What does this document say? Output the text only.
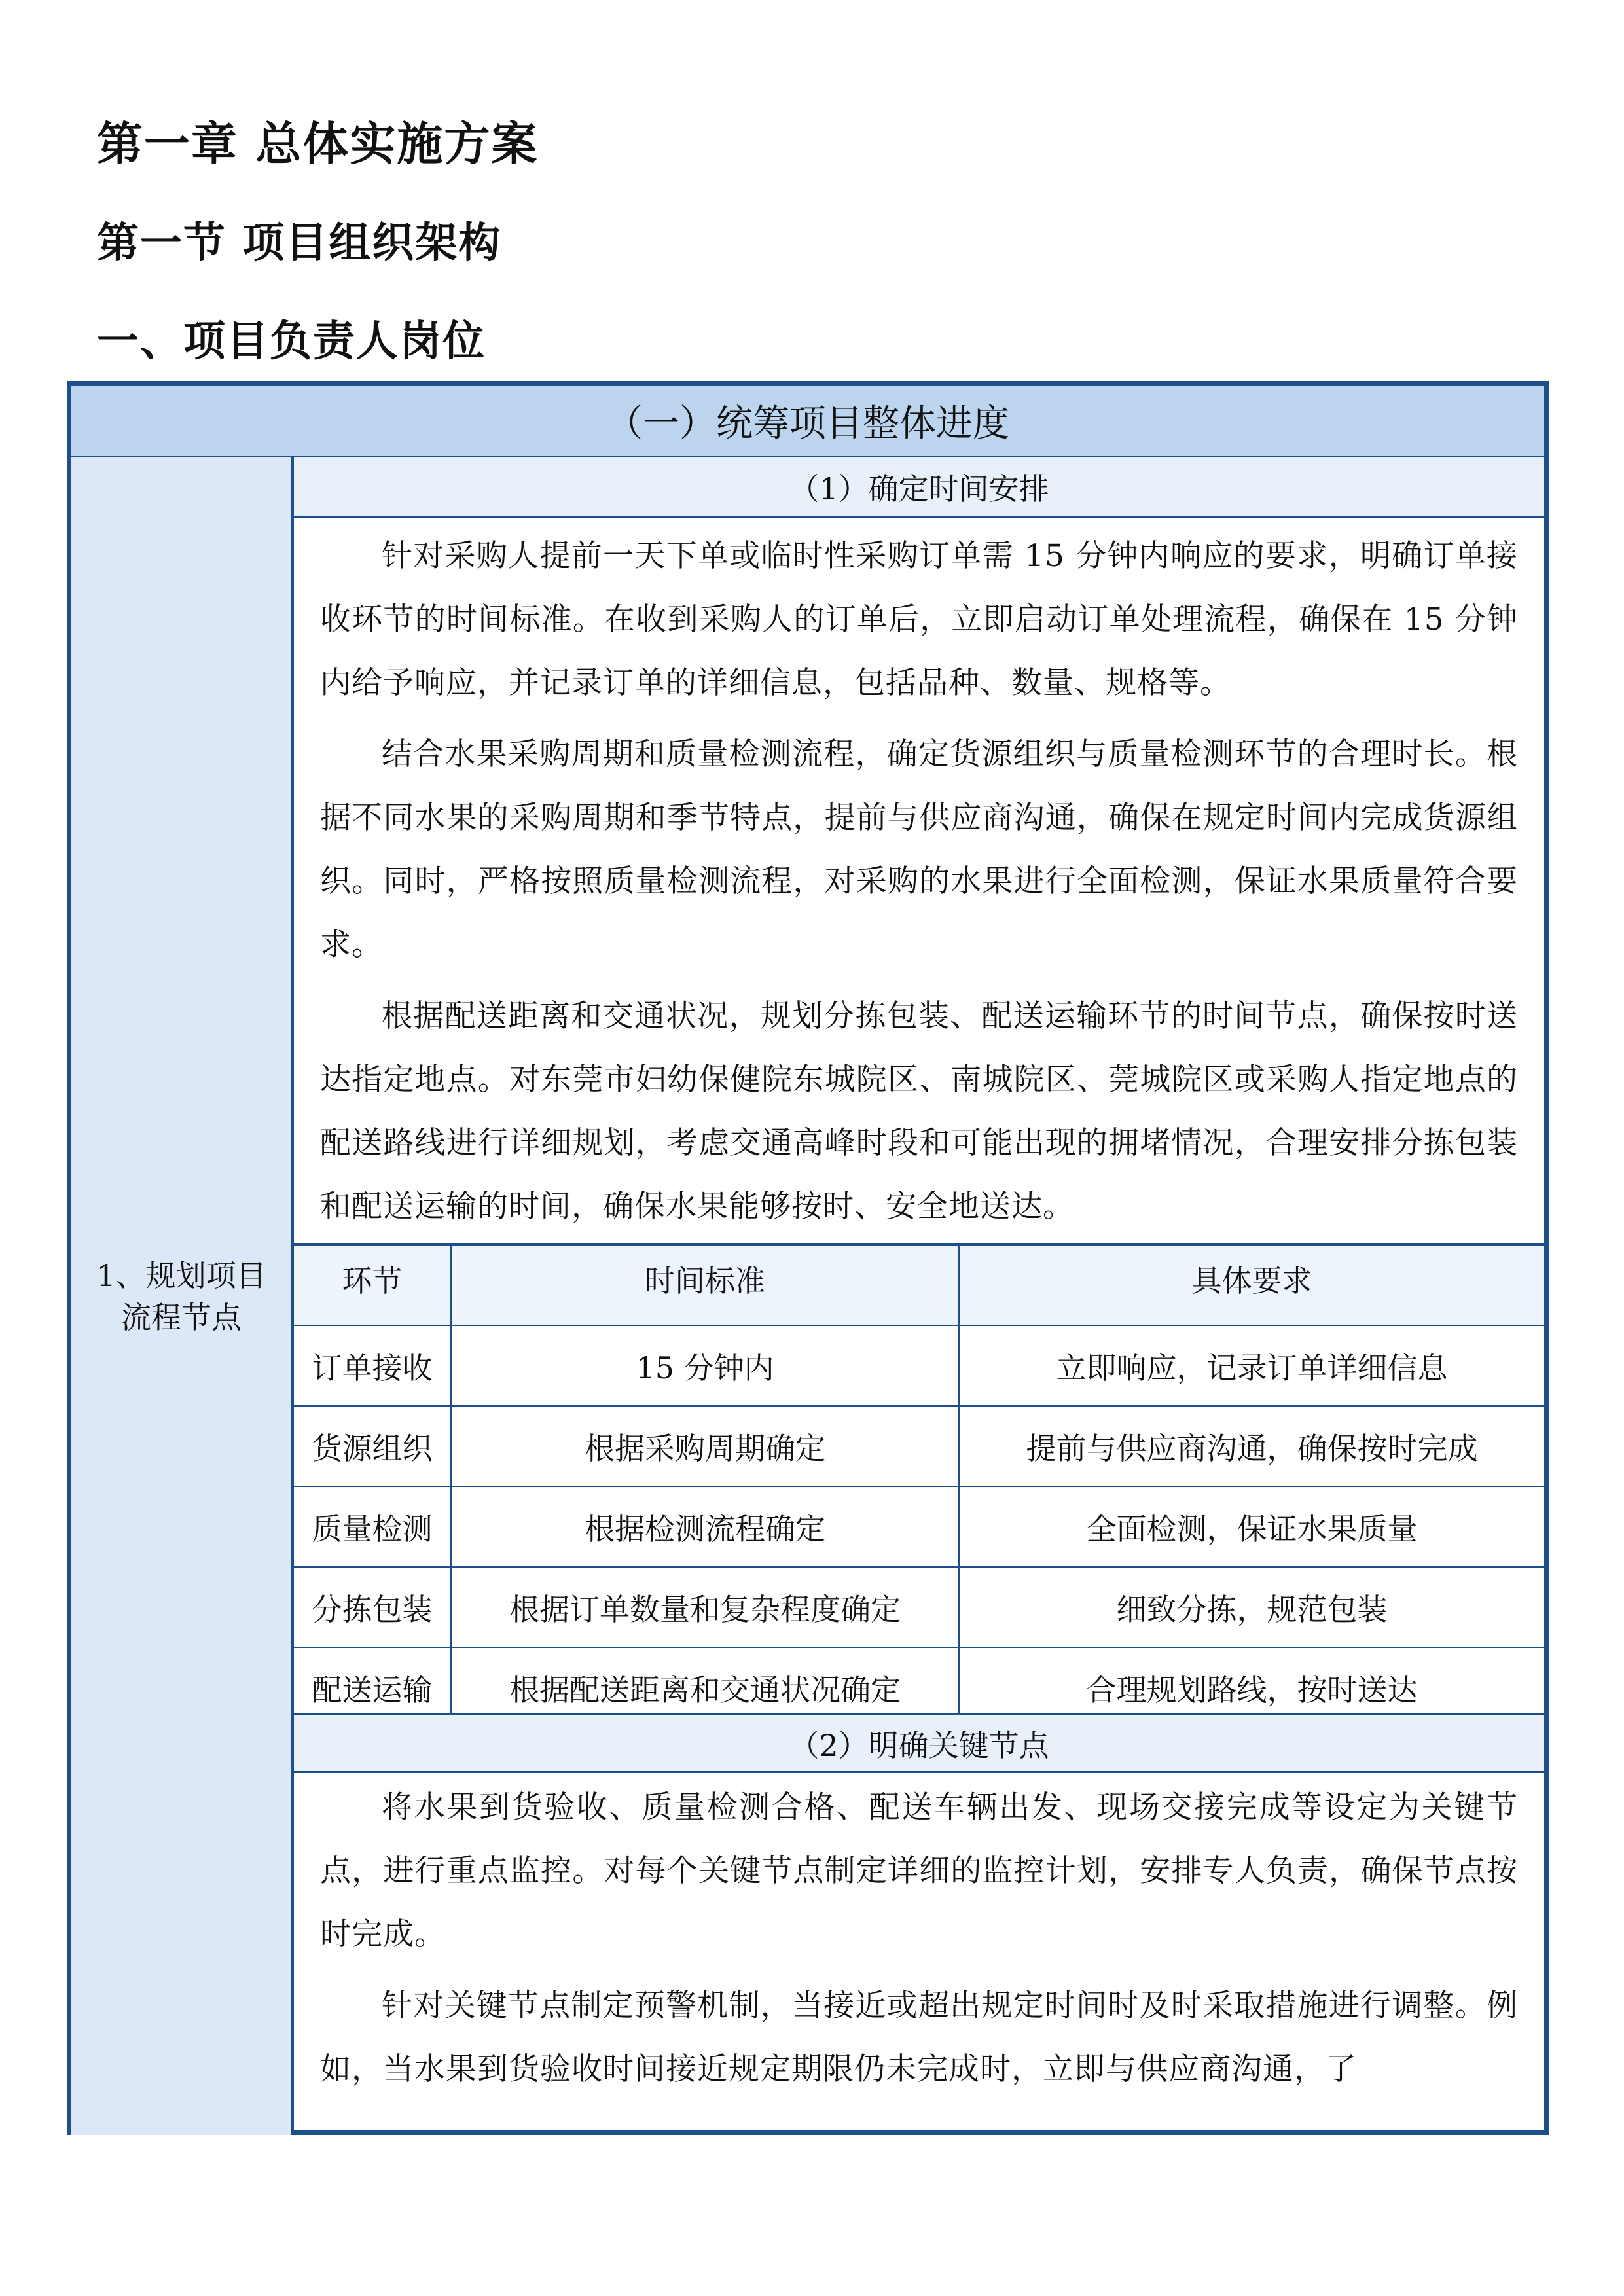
第一章 总体实施方案
第一节 项目组织架构
一、项目负责人岗位
（一）统筹项目整体进度
1、规划项目流程节点
（1）确定时间安排

针对采购人提前一天下单或临时性采购订单需 15 分钟内响应的要求，明确订单接收环节的时间标准。在收到采购人的订单后，立即启动订单处理流程，确保在 15 分钟内给予响应，并记录订单的详细信息，包括品种、数量、规格等。

结合水果采购周期和质量检测流程，确定货源组织与质量检测环节的合理时长。根据不同水果的采购周期和季节特点，提前与供应商沟通，确保在规定时间内完成货源组织。同时，严格按照质量检测流程，对采购的水果进行全面检测，保证水果质量符合要求。

根据配送距离和交通状况，规划分拣包装、配送运输环节的时间节点，确保按时送达指定地点。对东莞市妇幼保健院东城院区、南城院区、莞城院区或采购人指定地点的配送路线进行详细规划，考虑交通高峰时段和可能出现的拥堵情况，合理安排分拣包装和配送运输的时间，确保水果能够按时、安全地送达。

环节	时间标准	具体要求
订单接收	15 分钟内	立即响应，记录订单详细信息
货源组织	根据采购周期确定	提前与供应商沟通，确保按时完成
质量检测	根据检测流程确定	全面检测，保证水果质量
分拣包装	根据订单数量和复杂程度确定	细致分拣，规范包装
配送运输	根据配送距离和交通状况确定	合理规划路线，按时送达
（2）明确关键节点

将水果到货验收、质量检测合格、配送车辆出发、现场交接完成等设定为关键节点，进行重点监控。对每个关键节点制定详细的监控计划，安排专人负责，确保节点按时完成。

针对关键节点制定预警机制，当接近或超出规定时间时及时采取措施进行调整。例如，当水果到货验收时间接近规定期限仍未完成时，立即与供应商沟通，了
